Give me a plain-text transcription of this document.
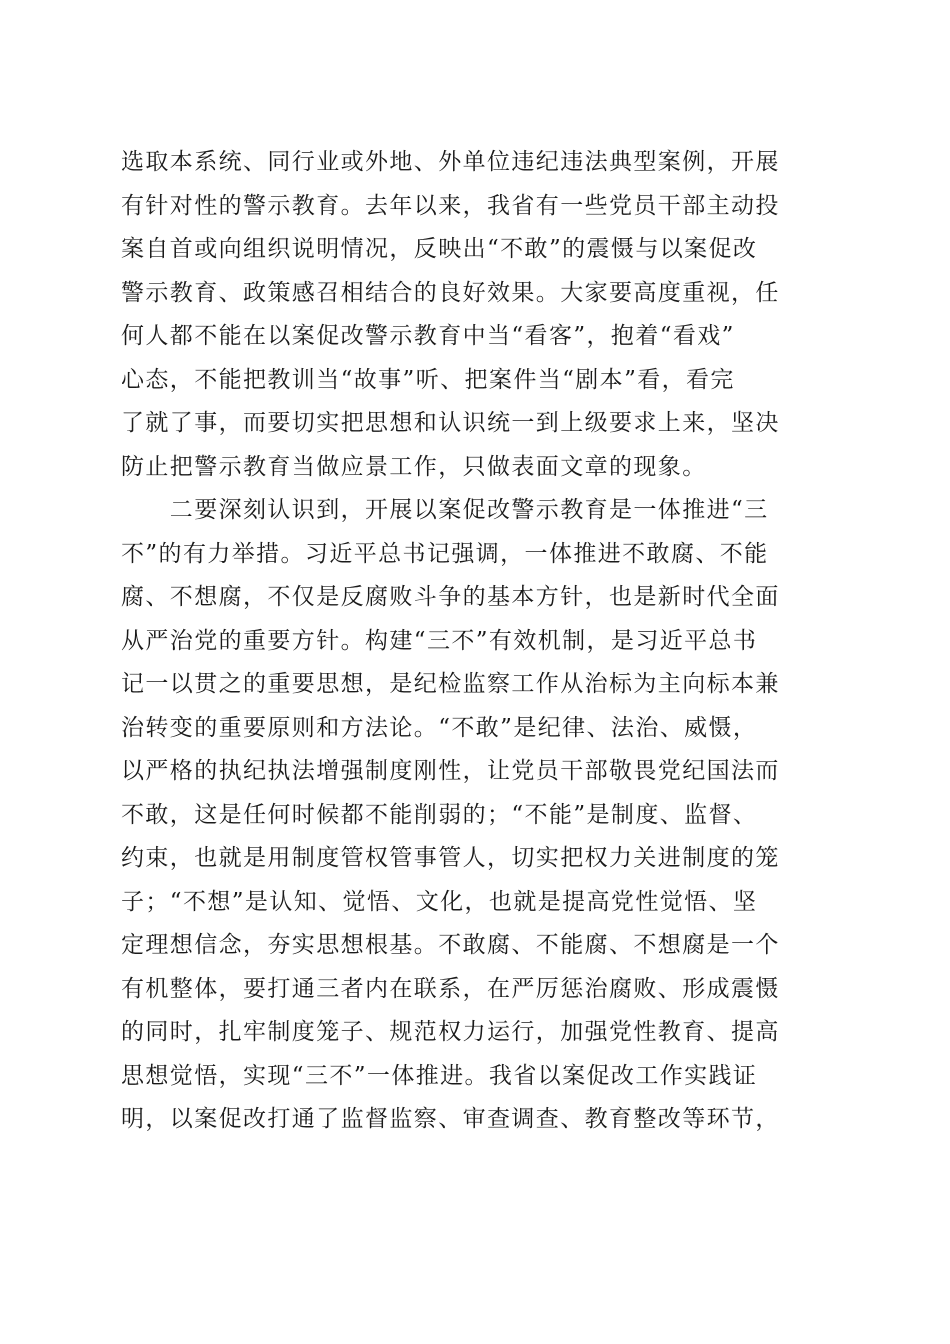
选取本系统、同行业或外地、外单位违纪违法典型案例，开展
有针对性的警示教育。去年以来，我省有一些党员干部主动投
案自首或向组织说明情况，反映出“不敢”的震慑与以案促改
警示教育、政策感召相结合的良好效果。大家要高度重视，任
何人都不能在以案促改警示教育中当“看客”，抱着“看戏”
心态，不能把教训当“故事”听、把案件当“剧本”看，看完
了就了事，而要切实把思想和认识统一到上级要求上来，坚决
防止把警示教育当做应景工作，只做表面文章的现象。
　　二要深刻认识到，开展以案促改警示教育是一体推进“三
不”的有力举措。习近平总书记强调，一体推进不敢腐、不能
腐、不想腐，不仅是反腐败斗争的基本方针，也是新时代全面
从严治党的重要方针。构建“三不”有效机制，是习近平总书
记一以贯之的重要思想，是纪检监察工作从治标为主向标本兼
治转变的重要原则和方法论。“不敢”是纪律、法治、威慑，
以严格的执纪执法增强制度刚性，让党员干部敬畏党纪国法而
不敢，这是任何时候都不能削弱的；“不能”是制度、监督、
约束，也就是用制度管权管事管人，切实把权力关进制度的笼
子；“不想”是认知、觉悟、文化，也就是提高党性觉悟、坚
定理想信念，夯实思想根基。不敢腐、不能腐、不想腐是一个
有机整体，要打通三者内在联系，在严厉惩治腐败、形成震慑
的同时，扎牢制度笼子、规范权力运行，加强党性教育、提高
思想觉悟，实现“三不”一体推进。我省以案促改工作实践证
明，以案促改打通了监督监察、审查调查、教育整改等环节，
